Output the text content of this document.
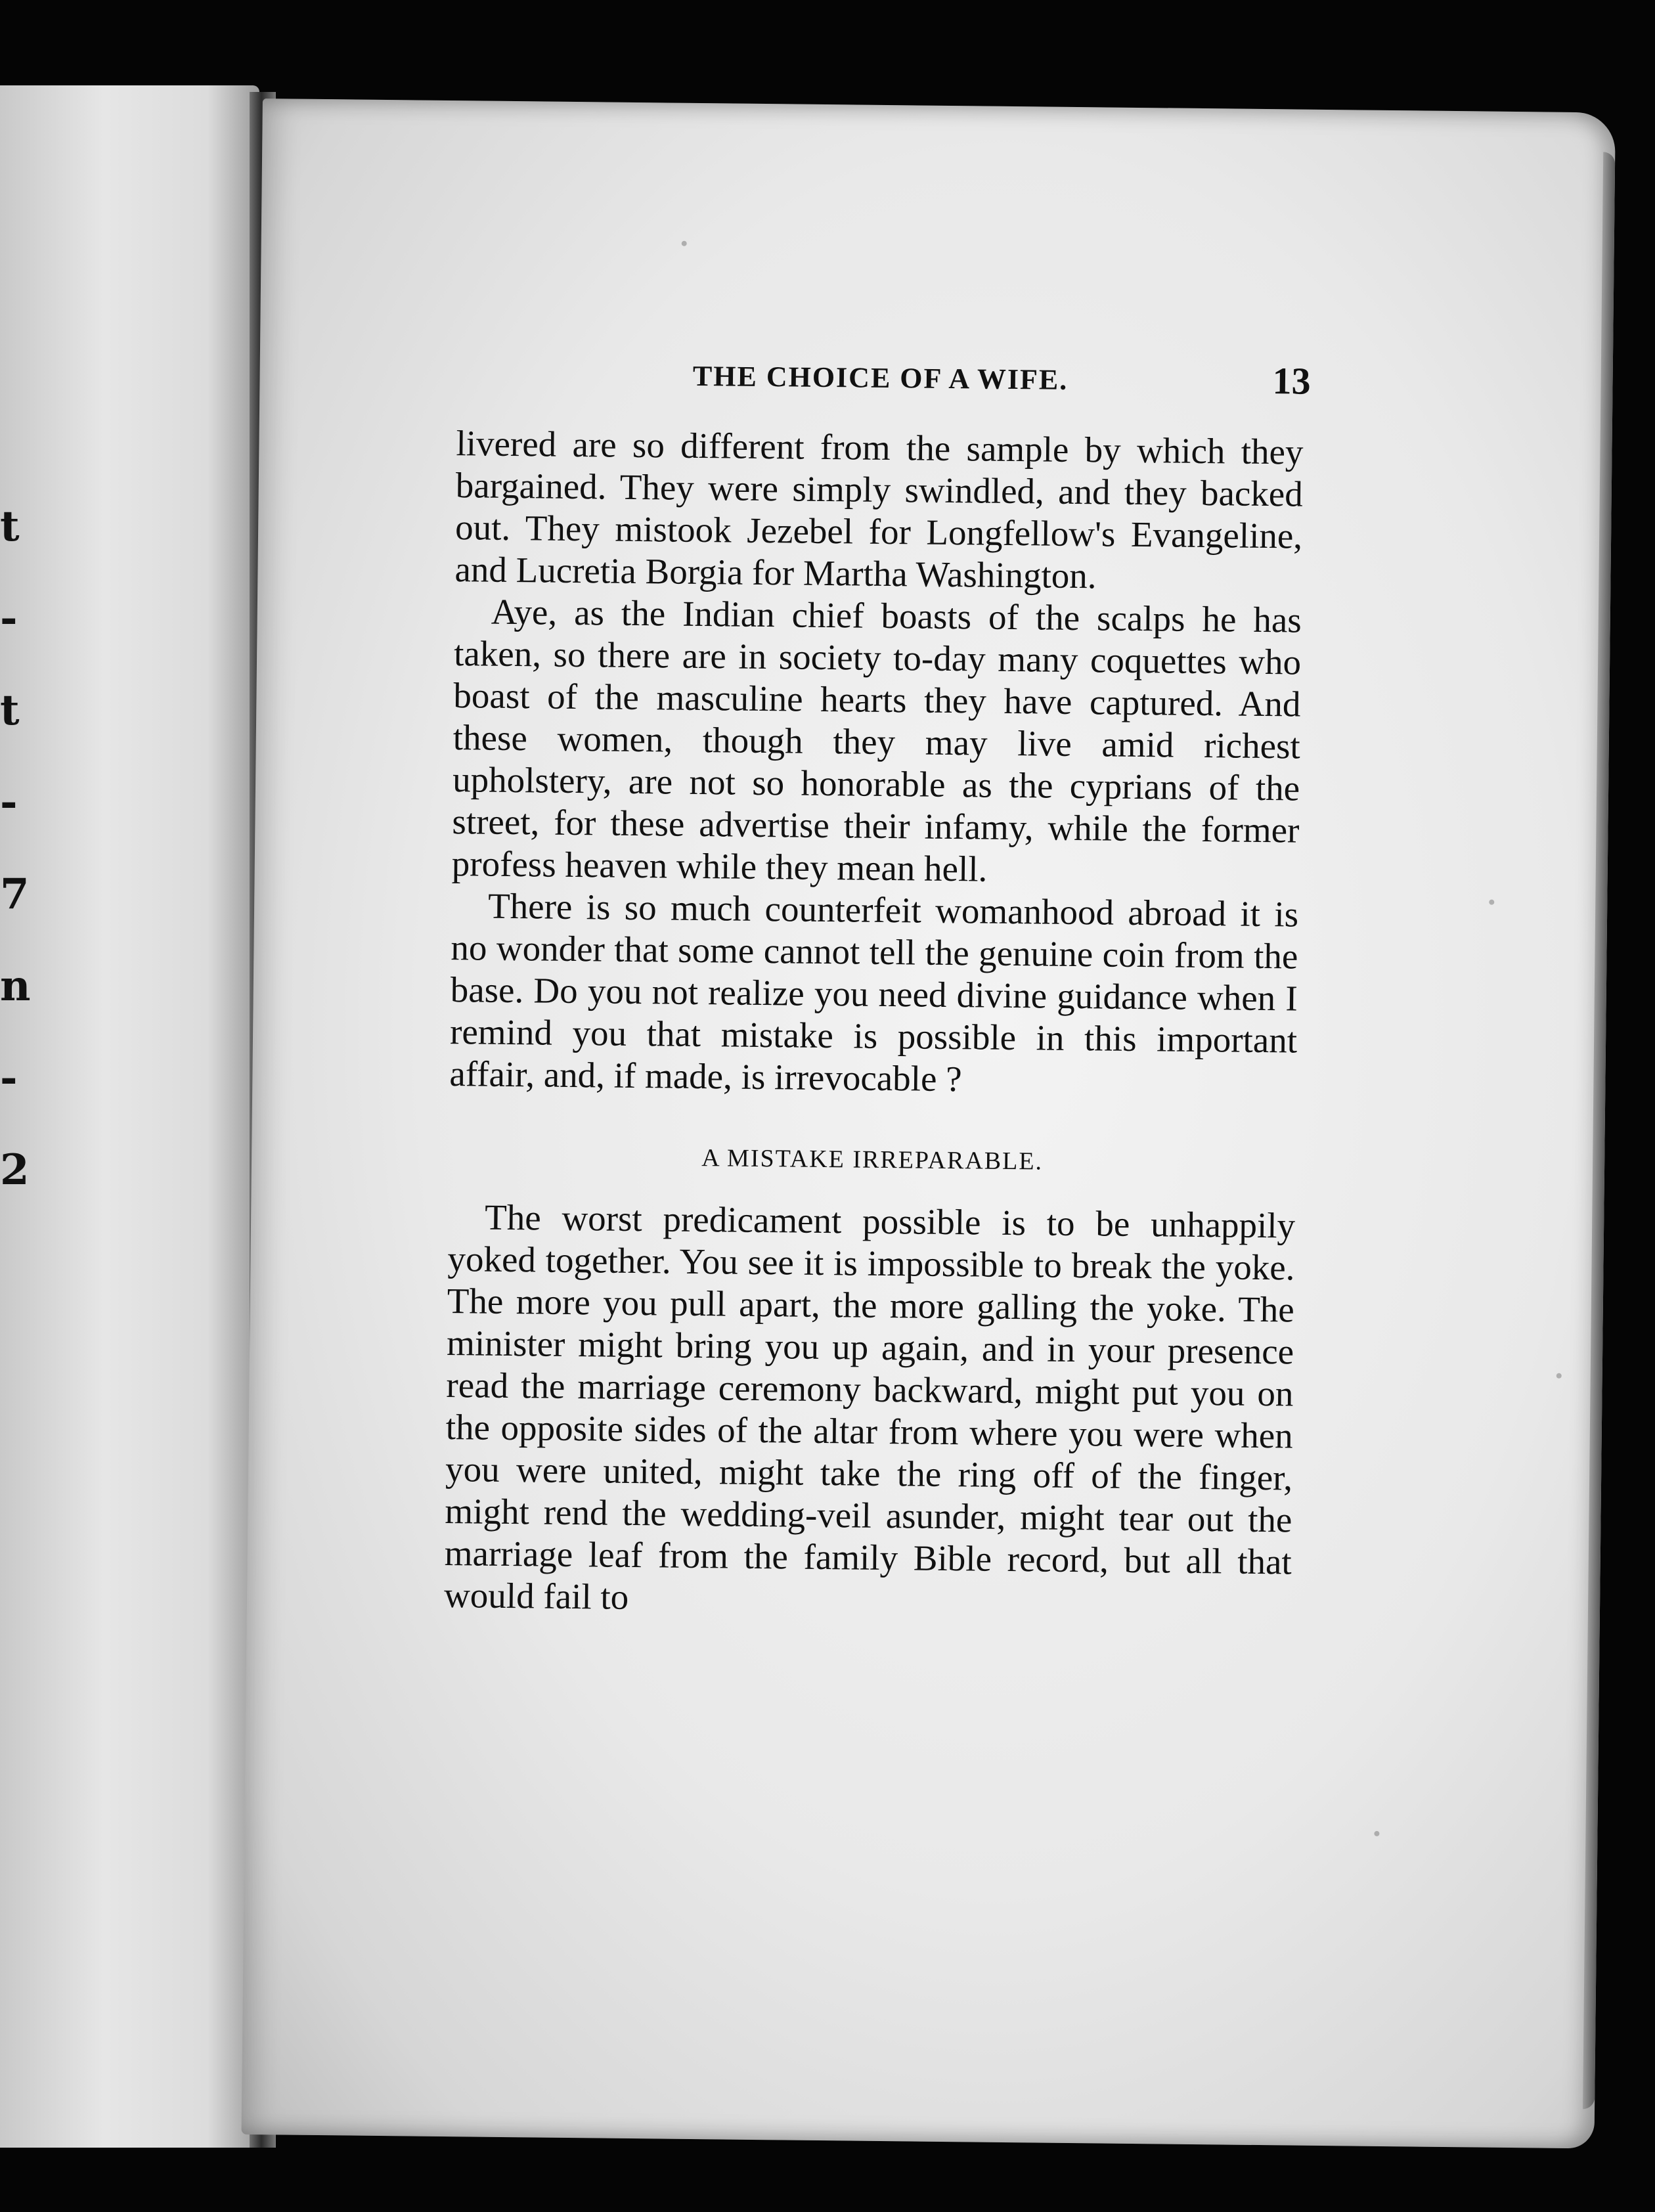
t
-
t
-
7
n
-
2
THE CHOICE OF A WIFE.	13

livered are so different from the sample by which they bargained. They were simply swindled, and they backed out. They mistook Jezebel for Longfellow's Evangeline, and Lucretia Borgia for Martha Washington.

Aye, as the Indian chief boasts of the scalps he has taken, so there are in society to-day many coquettes who boast of the masculine hearts they have captured. And these women, though they may live amid richest upholstery, are not so honorable as the cyprians of the street, for these advertise their infamy, while the former profess heaven while they mean hell.

There is so much counterfeit womanhood abroad it is no wonder that some cannot tell the genuine coin from the base. Do you not realize you need divine guidance when I remind you that mistake is possible in this important affair, and, if made, is irrevocable ?

A MISTAKE IRREPARABLE.

The worst predicament possible is to be unhappily yoked together. You see it is impossible to break the yoke. The more you pull apart, the more galling the yoke. The minister might bring you up again, and in your presence read the marriage ceremony backward, might put you on the opposite sides of the altar from where you were when you were united, might take the ring off of the finger, might rend the wedding-veil asunder, might tear out the marriage leaf from the family Bible record, but all that would fail to
